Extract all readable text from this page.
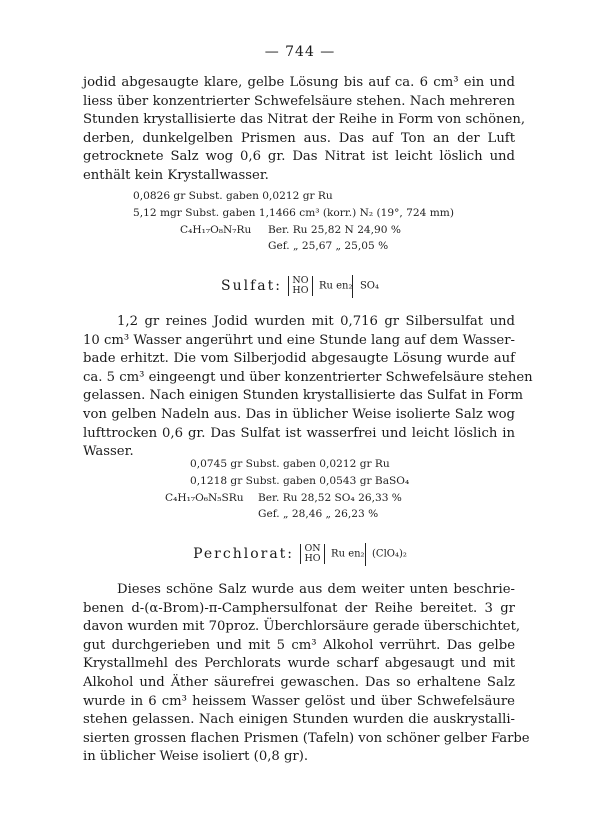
— 744 —
jodid abgesaugte klare, gelbe Lösung bis auf ca. 6 cm³ ein und
liess über konzentrierter Schwefelsäure stehen. Nach mehreren
Stunden krystallisierte das Nitrat der Reihe in Form von schönen,
derben, dunkelgelben Prismen aus. Das auf Ton an der Luft
getrocknete Salz wog 0,6 gr. Das Nitrat ist leicht löslich und
enthält kein Krystallwasser.
0,0826 gr Subst. gaben 0,0212 gr Ru
5,12 mgr Subst. gaben 1,1466 cm³ (korr.) N₂ (19°, 724 mm)
C₄H₁₇O₈N₇Ru Ber. Ru 25,82 N 24,90 %
Gef. „ 25,67 „ 25,05 %
Sulfat: NO
HO Ru en₂ SO₄
1,2 gr reines Jodid wurden mit 0,716 gr Silbersulfat und
10 cm³ Wasser angerührt und eine Stunde lang auf dem Wasser-
bade erhitzt. Die vom Silberjodid abgesaugte Lösung wurde auf
ca. 5 cm³ eingeengt und über konzentrierter Schwefelsäure stehen
gelassen. Nach einigen Stunden krystallisierte das Sulfat in Form
von gelben Nadeln aus. Das in üblicher Weise isolierte Salz wog
lufttrocken 0,6 gr. Das Sulfat ist wasserfrei und leicht löslich in
Wasser.
0,0745 gr Subst. gaben 0,0212 gr Ru
0,1218 gr Subst. gaben 0,0543 gr BaSO₄
C₄H₁₇O₆N₅SRu Ber. Ru 28,52 SO₄ 26,33 %
Gef. „ 28,46 „ 26,23 %
Perchlorat: ON
HO Ru en₂ (ClO₄)₂
Dieses schöne Salz wurde aus dem weiter unten beschrie-
benen d-(α-Brom)-π-Camphersulfonat der Reihe bereitet. 3 gr
davon wurden mit 70proz. Überchlorsäure gerade überschichtet,
gut durchgerieben und mit 5 cm³ Alkohol verrührt. Das gelbe
Krystallmehl des Perchlorats wurde scharf abgesaugt und mit
Alkohol und Äther säurefrei gewaschen. Das so erhaltene Salz
wurde in 6 cm³ heissem Wasser gelöst und über Schwefelsäure
stehen gelassen. Nach einigen Stunden wurden die auskrystalli-
sierten grossen flachen Prismen (Tafeln) von schöner gelber Farbe
in üblicher Weise isoliert (0,8 gr).
